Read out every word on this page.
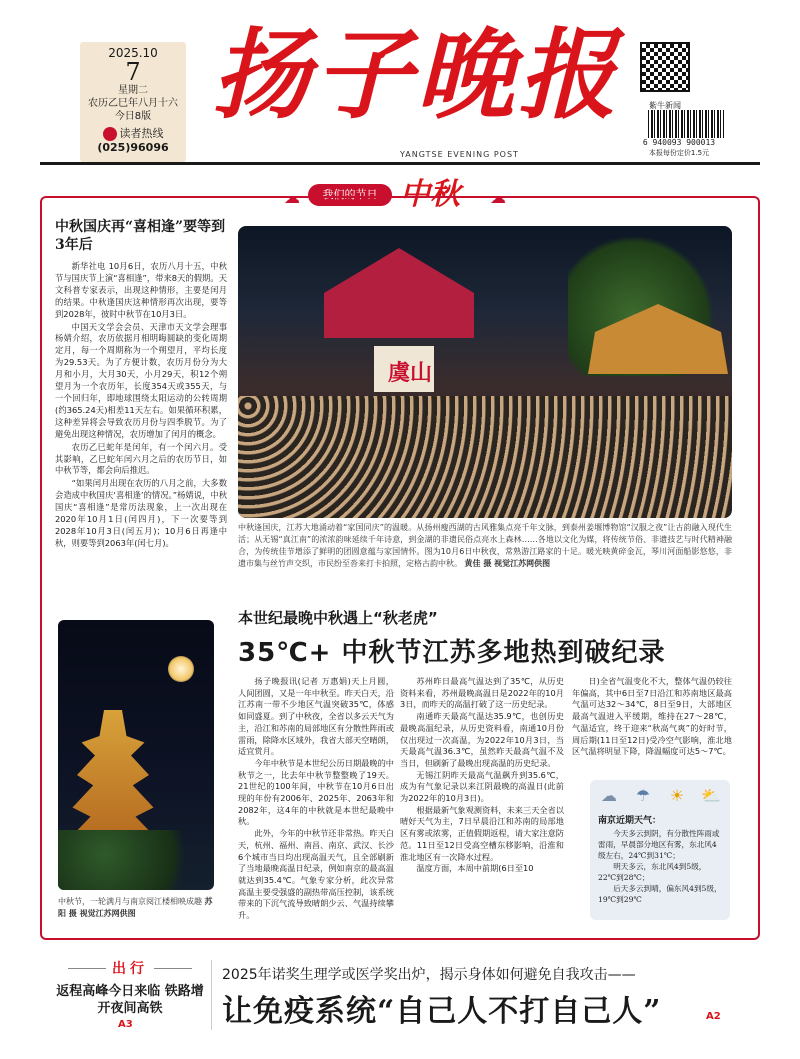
2025.10
7
星期二
农历乙巳年八月十六
今日8版
读者热线
(025)96096
扬子晚报
YANGTSE EVENING POST
紫牛新闻
6 940093 900013
本报每份定价1.5元
☁	我们的节日 中秋 ☁
中秋国庆再“喜相逢”要等到3年后

新华社电 10月6日，农历八月十五，中秋节与国庆节上演“喜相逢”，带来8天的假期。天文科普专家表示，出现这种情形，主要是闰月的结果。中秋逢国庆这种情形再次出现，要等到2028年，彼时中秋节在10月3日。

中国天文学会会员、天津市天文学会理事杨婧介绍，农历依据月相明晦圆缺的变化周期定月，每一个周期称为一个朔望月，平均长度为29.53天。为了方便计数，农历月份分为大月和小月，大月30天，小月29天，积12个朔望月为一个农历年，长度354天或355天，与一个回归年，即地球围绕太阳运动的公转周期(约365.24天)相差11天左右。如果循环积累，这种差异将会导致农历月份与四季脱节。为了避免出现这种情况，农历增加了闰月的概念。

农历乙巳蛇年是闰年，有一个闰六月。受其影响，乙巳蛇年闰六月之后的农历节日，如中秋节等，都会向后推迟。

“如果闰月出现在农历的八月之前，大多数会造成中秋国庆‘喜相逢’的情况。”杨婧说，中秋国庆“喜相逢”是常历法现象，上一次出现在2020年10月1日(闰四月)，下一次要等到2028年10月3日(闰五月)；10月6日再逢中秋，则要等到2063年(闰七月)。

虞山
中秋逢国庆，江苏大地涌动着“家国同庆”的温暖。从扬州瘦西湖的古风雅集点亮千年文脉，到泰州姜堰博物馆“汉服之夜”让古韵融入现代生活；从无锡“真江南”的浓浓韵味延续千年诗意，到金湖的非遗民俗点亮水上森林……各地以文化为媒，将传统节俗、非遗技艺与时代精神融合，为传统佳节增添了鲜明的团圆意蕴与家国情怀。图为10月6日中秋夜，常熟游江路家的十足。暖光映黄碎金瓦，琴川河面船影悠悠，非遗市集与丝竹声交织，市民纷至沓来打卡拍照，定格古韵中秋。 黄佳 摄 视觉江苏网供图
本世纪最晚中秋遇上“秋老虎”
35℃+ 中秋节江苏多地热到破纪录
中秋节，一轮满月与南京阅江楼相映成趣 苏阳 摄 视觉江苏网供图

扬子晚报讯(记者 万惠娟)天上月圆，人间团圆，又是一年中秋至。昨天白天，沿江苏南一带不少地区气温突破35℃，体感如同盛夏。到了中秋夜，全省以多云天气为主，沿江和苏南的局部地区有分散性阵雨或雷雨，除降水区域外，我省大部天空晴朗，适宜赏月。

今年中秋节是本世纪公历日期最晚的中秋节之一，比去年中秋节整整晚了19天。21世纪的100年间，中秋节在10月6日出现的年份有2006年、2025年、2063年和2082年，这4年的中秋就是本世纪最晚中秋。

此外，今年的中秋节还非常热。昨天白天，杭州、福州、南昌、南京、武汉、长沙6个城市当日均出现高温天气，且全部刷新了当地最晚高温日纪录，例如南京的最高温就达到35.4℃。气象专家分析，此次异常高温主要受强盛的副热带高压控制，该系统带来的下沉气流导致晴朗少云、气温持续攀升。

苏州昨日最高气温达到了35℃，从历史资料来看，苏州最晚高温日是2022年的10月3日，而昨天的高温打破了这一历史纪录。

南通昨天最高气温达35.9℃，也创历史最晚高温纪录，从历史资料看，南通10月份仅出现过一次高温，为2022年10月3日，当天最高气温36.3℃，虽然昨天最高气温不及当日，但刷新了最晚出现高温的历史纪录。

无锡江阴昨天最高气温飙升到35.6℃，成为有气象记录以来江阴最晚的高温日(此前为2022年的10月3日)。

根据最新气象观测资料，未来三天全省以晴好天气为主，7日早晨沿江和苏南的局部地区有雾或浓雾，正值假期返程，请大家注意防范。11日至12日受高空槽东移影响，沿淮和淮北地区有一次降水过程。

温度方面，本周中前期(6日至10

日)全省气温变化不大，整体气温仍较往年偏高，其中6日至7日沿江和苏南地区最高气温可达32～34℃，8日至9日，大部地区最高气温进入平缓期，维持在27～28℃，气温适宜，终于迎来“秋高气爽”的好时节，周后期(11日至12日)受冷空气影响，淮北地区气温将明显下降，降温幅度可达5～7℃。

☁ ☂ ☀ ⛅
南京近期天气：

今天多云到阴，有分散性阵雨或雷雨，早晨部分地区有雾，东北风4级左右，24℃到31℃；

明天多云，东北风4到5级，22℃到28℃；

后天多云到晴，偏东风4到5级，19℃到29℃

出行
返程高峰今日来临 铁路增开夜间高铁
A3
2025年诺奖生理学或医学奖出炉，揭示身体如何避免自我攻击——
让免疫系统“自己人不打自己人”	A2
